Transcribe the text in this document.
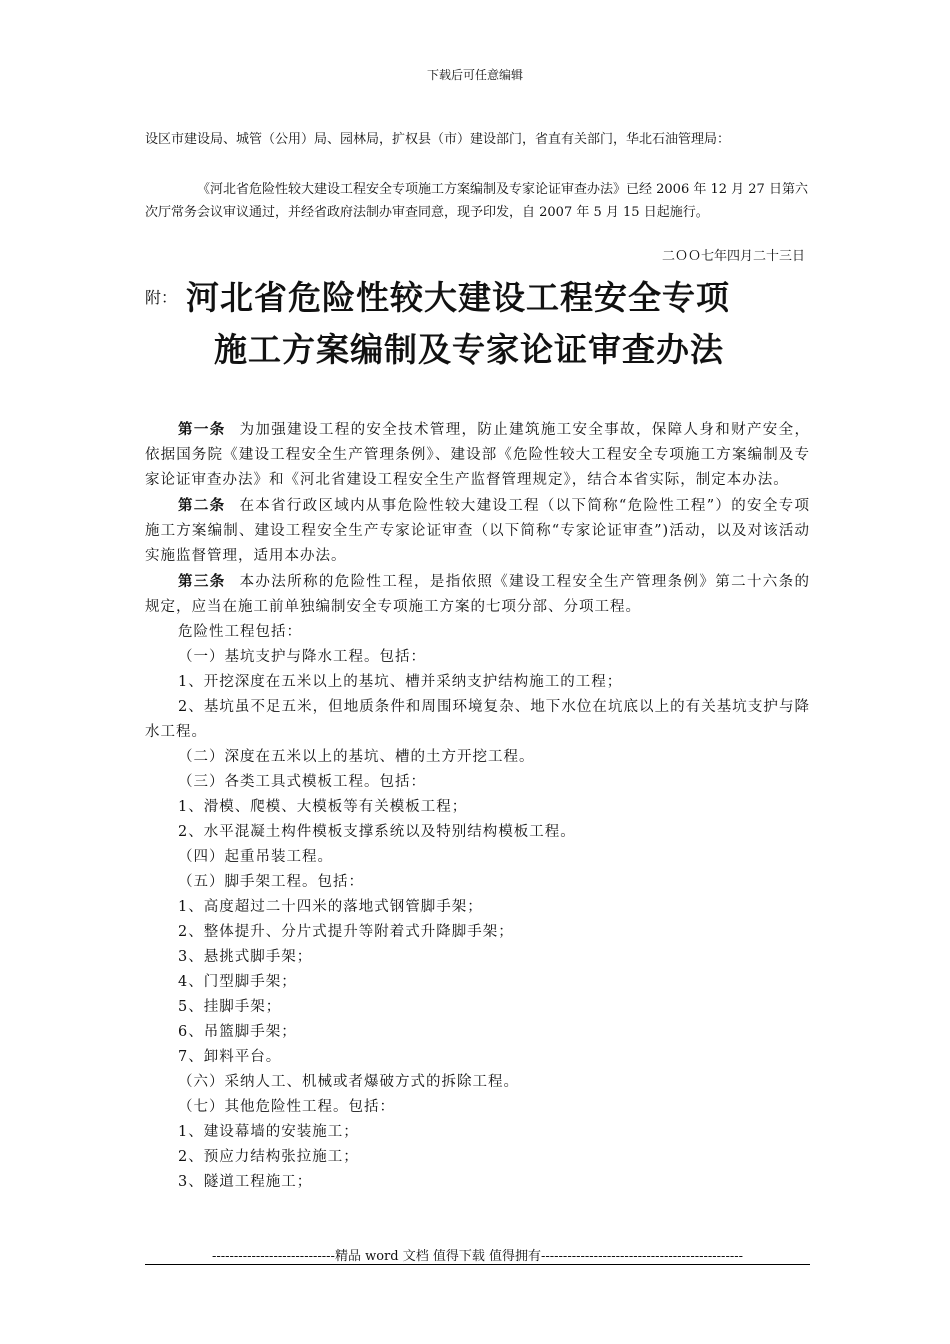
下载后可任意编辑

设区市建设局、城管（公用）局、园林局，扩权县（市）建设部门，省直有关部门，华北石油管理局：

《河北省危险性较大建设工程安全专项施工方案编制及专家论证审查办法》已经 2006 年 12 月 27 日第六次厅常务会议审议通过，并经省政府法制办审查同意，现予印发，自 2007 年 5 月 15 日起施行。

二ＯＯ七年四月二十三日

附： 河北省危险性较大建设工程安全专项
施工方案编制及专家论证审查办法

第一条 为加强建设工程的安全技术管理，防止建筑施工安全事故，保障人身和财产安全，依据国务院《建设工程安全生产管理条例》、建设部《危险性较大工程安全专项施工方案编制及专家论证审查办法》和《河北省建设工程安全生产监督管理规定》，结合本省实际，制定本办法。

第二条 在本省行政区域内从事危险性较大建设工程（以下简称“危险性工程”）的安全专项施工方案编制、建设工程安全生产专家论证审查（以下简称“专家论证审查”)活动，以及对该活动实施监督管理，适用本办法。

第三条 本办法所称的危险性工程，是指依照《建设工程安全生产管理条例》第二十六条的规定，应当在施工前单独编制安全专项施工方案的七项分部、分项工程。

危险性工程包括：

（一）基坑支护与降水工程。包括：

1、开挖深度在五米以上的基坑、槽并采纳支护结构施工的工程；

2、基坑虽不足五米，但地质条件和周围环境复杂、地下水位在坑底以上的有关基坑支护与降水工程。

（二）深度在五米以上的基坑、槽的土方开挖工程。

（三）各类工具式模板工程。包括：

1、滑模、爬模、大模板等有关模板工程；

2、水平混凝土构件模板支撑系统以及特别结构模板工程。

（四）起重吊装工程。

（五）脚手架工程。包括：

1、高度超过二十四米的落地式钢管脚手架；

2、整体提升、分片式提升等附着式升降脚手架；

3、悬挑式脚手架；

4、门型脚手架；

5、挂脚手架；

6、吊篮脚手架；

7、卸料平台。

（六）采纳人工、机械或者爆破方式的拆除工程。

（七）其他危险性工程。包括：

1、建设幕墙的安装施工；

2、预应力结构张拉施工；

3、隧道工程施工；

----------------------------精品 word 文档 值得下载 值得拥有----------------------------------------------
